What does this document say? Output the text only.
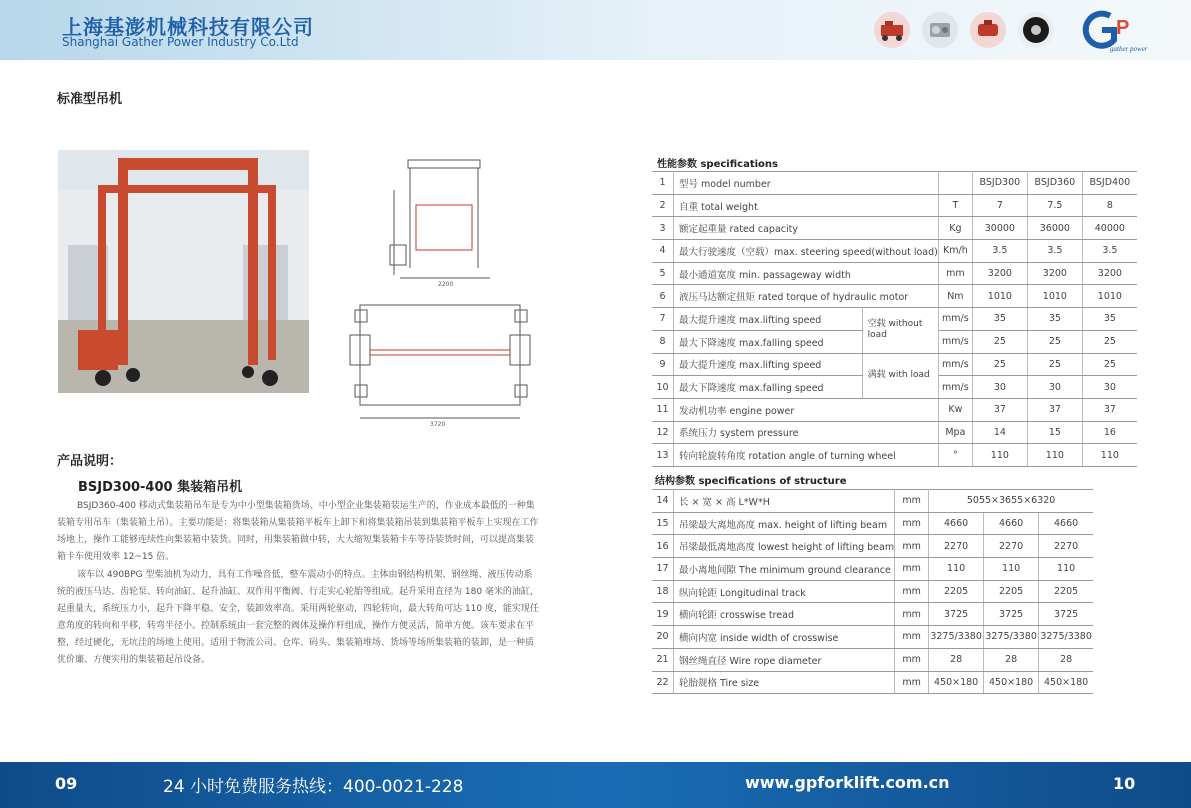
上海基澎机械科技有限公司
Shanghai Gather Power Industry Co.Ltd
P
gather power
标准型吊机
2200
3720
产品说明：
BSJD300-400 集装箱吊机

BSJD360-400 移动式集装箱吊车是专为中小型集装箱货场、中小型企业集装箱装运生产的，作业成本最低的一种集装箱专用吊车（集装箱土吊）。主要功能是：将集装箱从集装箱平板车上卸下和将集装箱吊装到集装箱平板车上实现在工作场地上，操作工能够连续性向集装箱中装货。同时，用集装箱做中转，大大缩短集装箱卡车等待装货时间，可以提高集装箱卡车使用效率 12~15 倍。

该车以 490BPG 型柴油机为动力，具有工作噪音低，整车震动小的特点。主体由钢结构机架、钢丝绳、液压传动系统的液压马达、齿轮泵、转向油缸、起升油缸、双作用平衡阀、行走实心轮胎等组成。起升采用直径为 180 毫米的油缸，起重量大，系统压力小，起升下降平稳、安全，装卸效率高。采用两轮驱动，四轮转向，最大转角可达 110 度，能实现任意角度的转向和平移，转弯半径小。控制系统由一套完整的阀体及操作杆组成，操作方便灵活，简单方便。该车要求在平整，经过硬化，无坑洼的场地上使用。适用于物流公司、仓库、码头、集装箱堆场、货场等场所集装箱的装卸，是一种质优价廉、方便实用的集装箱起吊设备。

性能参数 specifications
1	型号 model number			BSJD300	BSJD360	BSJD400
2	自重 total weight		T	7	7.5	8
3	额定起重量 rated capacity		Kg	30000	36000	40000
4	最大行驶速度（空载）max. steering speed(without load)		Km/h	3.5	3.5	3.5
5	最小通道宽度 min. passageway width		mm	3200	3200	3200
6	液压马达额定扭矩 rated torque of hydraulic motor		Nm	1010	1010	1010
7	最大提升速度 max.lifting speed	空载 without load	mm/s	35	35	35
8	最大下降速度 max.falling speed		mm/s	25	25	25
9	最大提升速度 max.lifting speed	满载 with load	mm/s	25	25	25
10	最大下降速度 max.falling speed		mm/s	30	30	30
11	发动机功率 engine power		Kw	37	37	37
12	系统压力 system pressure		Mpa	14	15	16
13	转向轮旋转角度 rotation angle of turning wheel		°	110	110	110
结构参数 specifications of structure
14	长 × 宽 × 高 L*W*H	mm	5055×3655×6320		
15	吊梁最大离地高度 max. height of lifting beam	mm	4660	4660	4660
16	吊梁最低离地高度 lowest height of lifting beam	mm	2270	2270	2270
17	最小离地间隙 The minimum ground clearance	mm	110	110	110
18	纵向轮距 Longitudinal track	mm	2205	2205	2205
19	横向轮距 crosswise tread	mm	3725	3725	3725
20	横向内宽 inside width of crosswise	mm	3275/3380	3275/3380	3275/3380
21	钢丝绳直径 Wire rope diameter	mm	28	28	28
22	轮胎规格 Tire size	mm	450×180	450×180	450×180
09	24 小时免费服务热线：400-0021-228	www.gpforklift.com.cn	10
